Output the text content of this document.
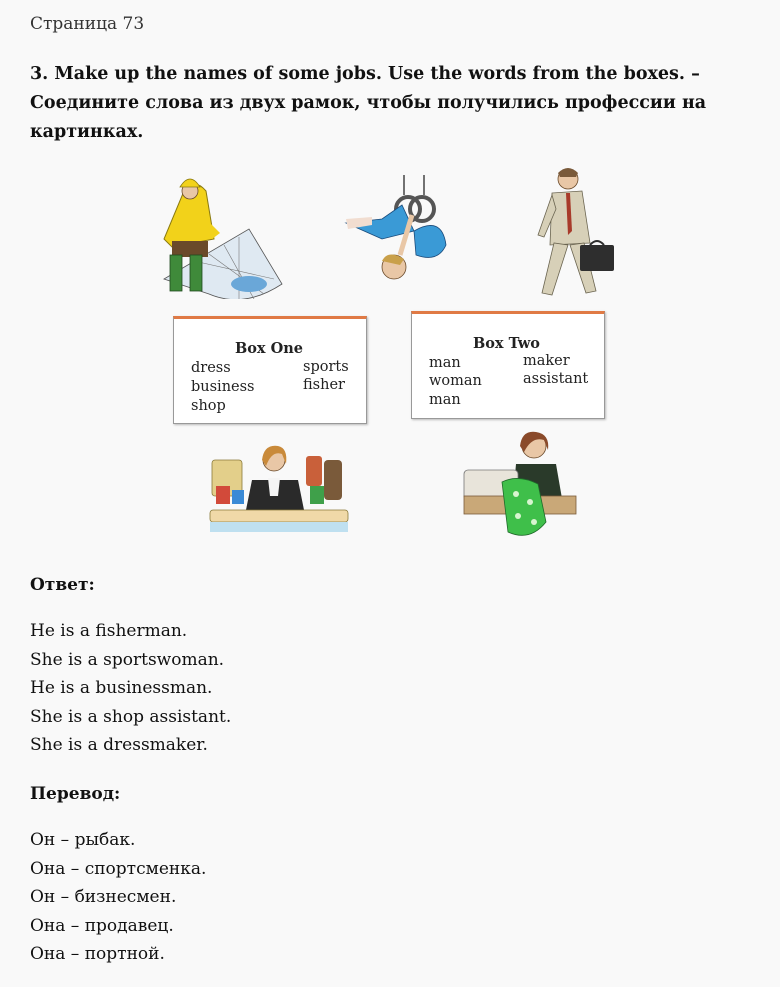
Страница 73
3. Make up the names of some jobs. Use the words from the boxes. – Соедините слова из двух рамок, чтобы получились профессии на картинках.
Box One
dress
business
shop
sports
fisher
Box Two
man
woman
man
maker
assistant
Ответ:
He is a fisherman.
She is a sportswoman.
He is a businessman.
She is a shop assistant.
She is a dressmaker.
Перевод:
Он – рыбак.
Она – спортсменка.
Он – бизнесмен.
Она – продавец.
Она – портной.
